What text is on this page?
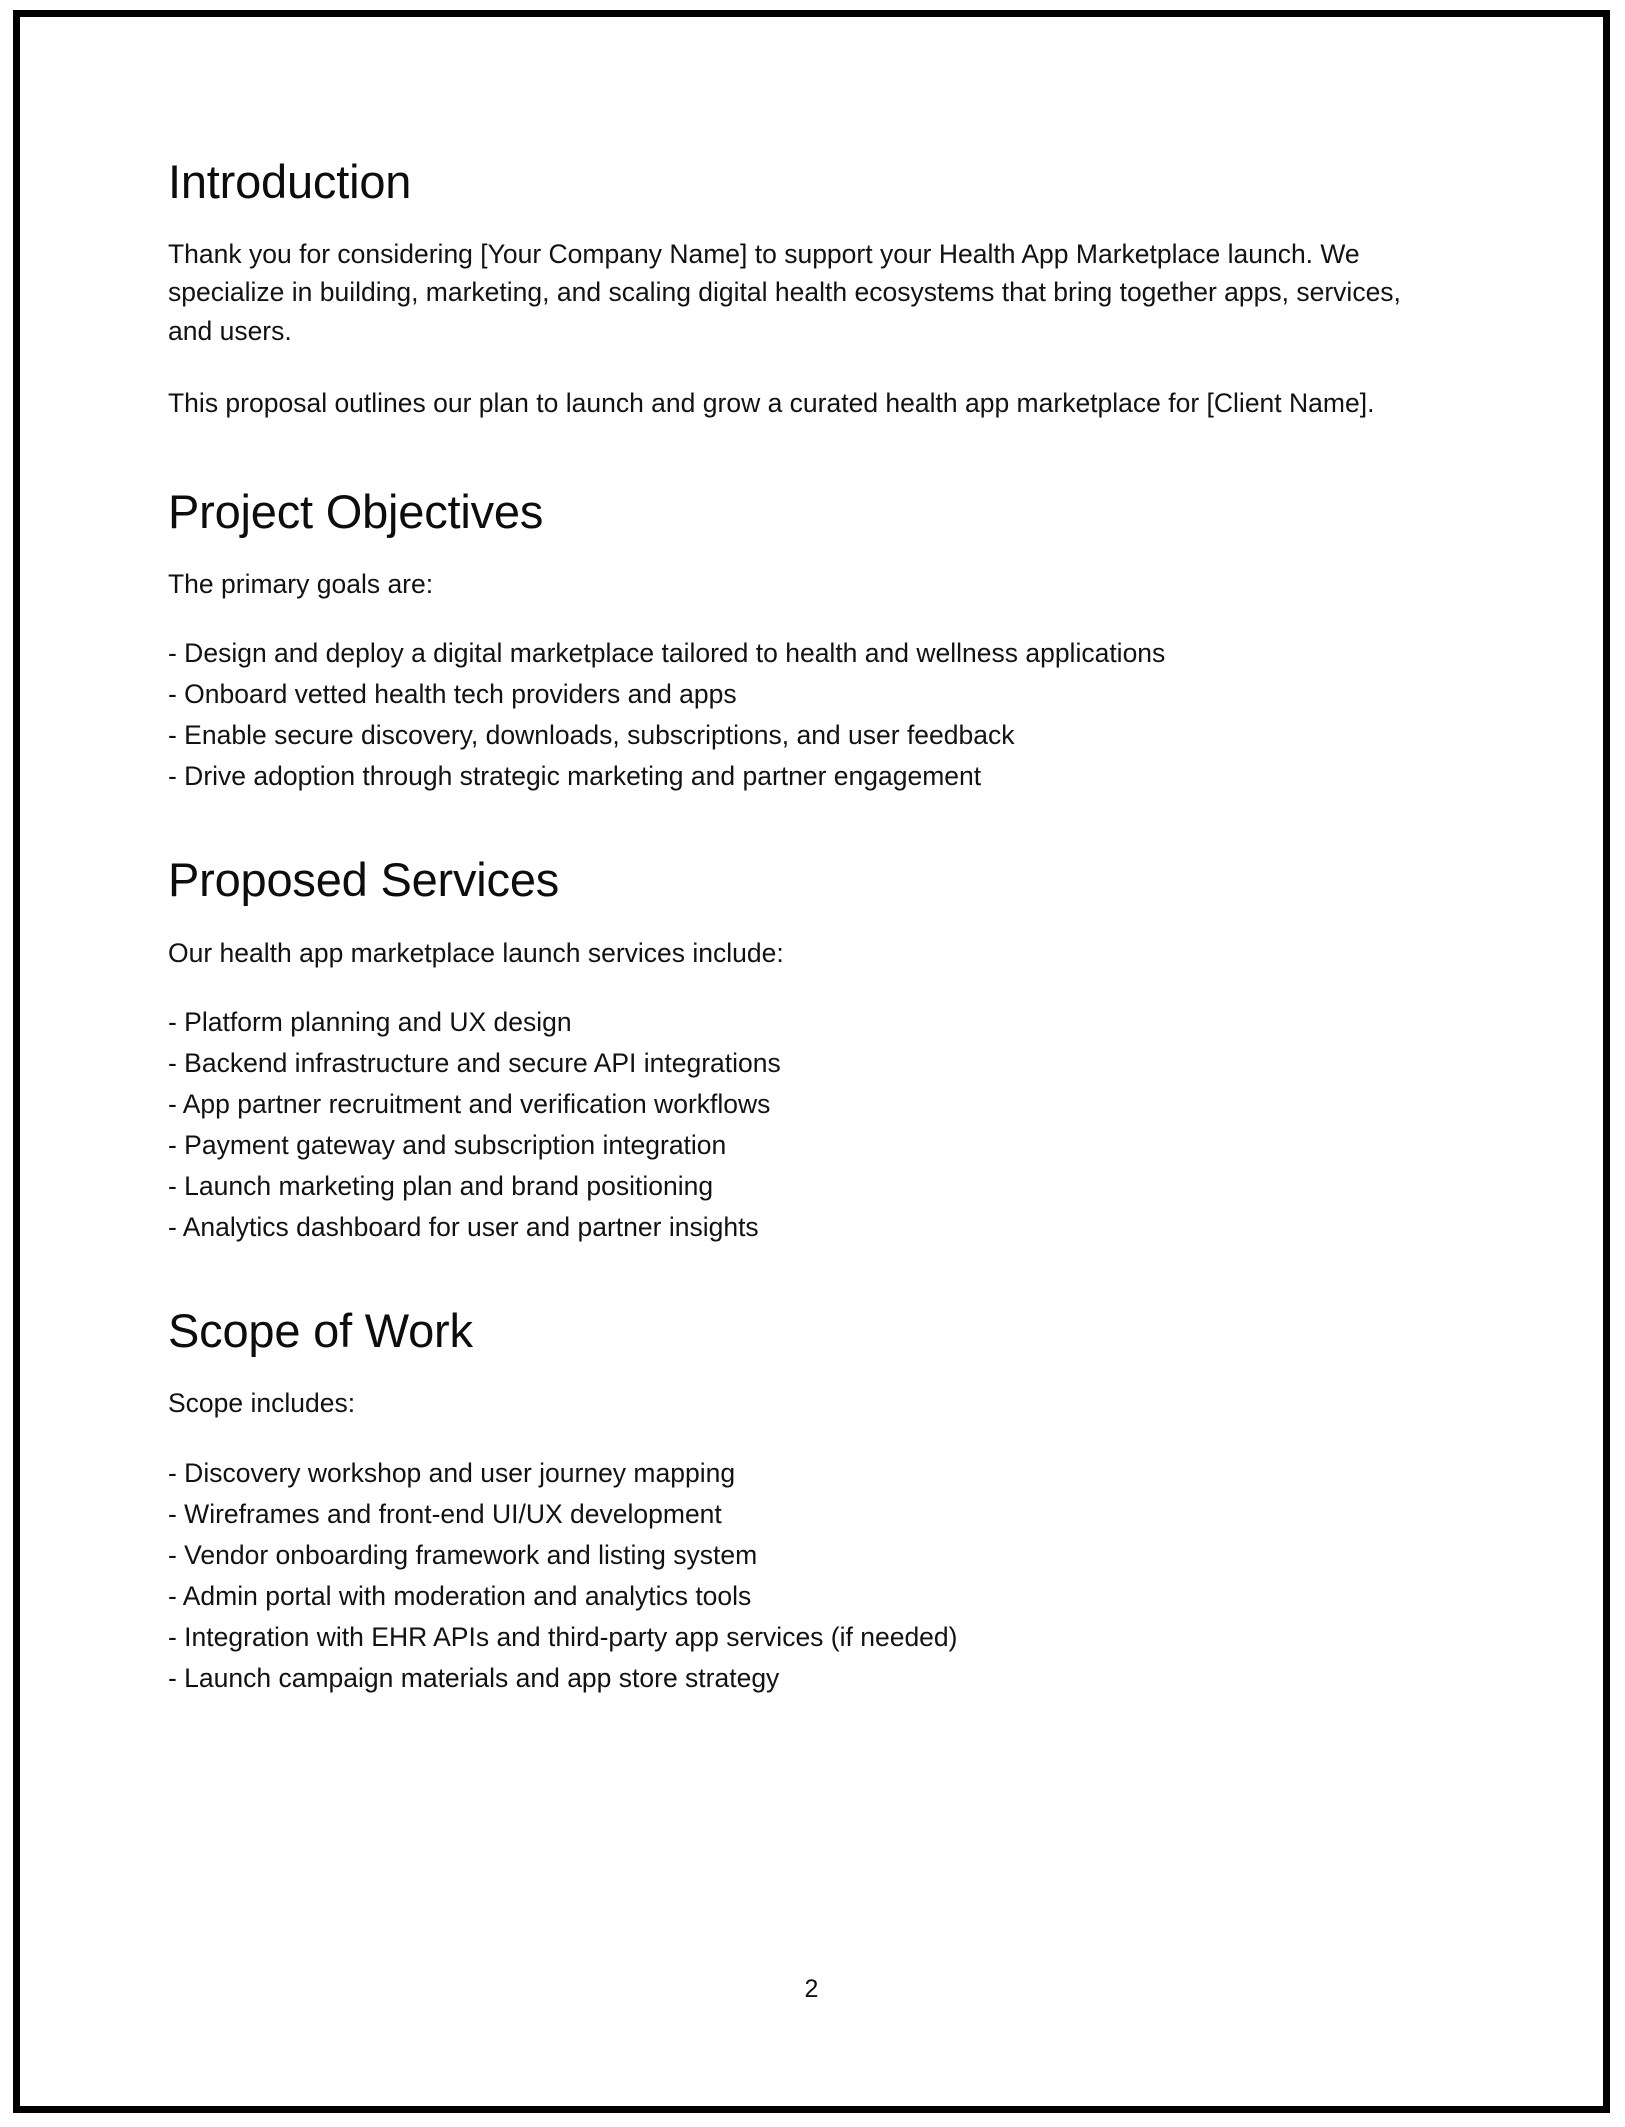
Introduction

Thank you for considering [Your Company Name] to support your Health App Marketplace launch. We specialize in building, marketing, and scaling digital health ecosystems that bring together apps, services, and users.

This proposal outlines our plan to launch and grow a curated health app marketplace for [Client Name].

Project Objectives

The primary goals are:

- Design and deploy a digital marketplace tailored to health and wellness applications
- Onboard vetted health tech providers and apps
- Enable secure discovery, downloads, subscriptions, and user feedback
- Drive adoption through strategic marketing and partner engagement
Proposed Services

Our health app marketplace launch services include:

- Platform planning and UX design
- Backend infrastructure and secure API integrations
- App partner recruitment and verification workflows
- Payment gateway and subscription integration
- Launch marketing plan and brand positioning
- Analytics dashboard for user and partner insights
Scope of Work

Scope includes:

- Discovery workshop and user journey mapping
- Wireframes and front-end UI/UX development
- Vendor onboarding framework and listing system
- Admin portal with moderation and analytics tools
- Integration with EHR APIs and third-party app services (if needed)
- Launch campaign materials and app store strategy
2
